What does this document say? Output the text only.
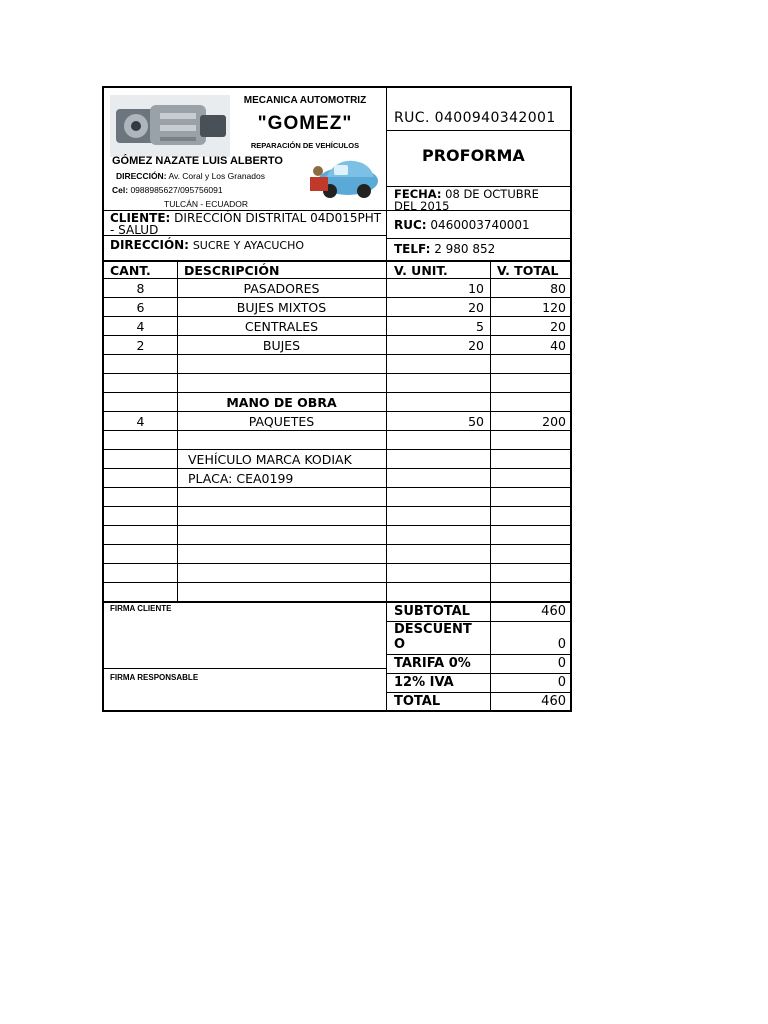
MECANICA AUTOMOTRIZ
"GOMEZ"
REPARACIÓN DE VEHÍCULOS
GÓMEZ NAZATE LUIS ALBERTO
DIRECCIÓN: Av. Coral y Los Granados
Cel: 0988985627/095756091
TULCÁN - ECUADOR
RUC. 0400940342001
PROFORMA
FECHA: 08 DE OCTUBRE
DEL 2015
CLIENTE: DIRECCIÓN DISTRITAL 04D015PHT
- SALUD
DIRECCIÓN: SUCRE Y AYACUCHO
RUC: 0460003740001
TELF: 2 980 852
CANT.	DESCRIPCIÓN	V. UNIT.	V. TOTAL
8	PASADORES	10	80
6	BUJES MIXTOS	20	120
4	CENTRALES	5	20
2	BUJES	20	40
MANO DE OBRA
4	PAQUETES	50	200
VEHÍCULO MARCA KODIAK
PLACA: CEA0199
FIRMA CLIENTE
FIRMA RESPONSABLE
SUBTOTAL	460
DESCUENT
O	0
TARIFA 0%	0
12% IVA	0
TOTAL	460
